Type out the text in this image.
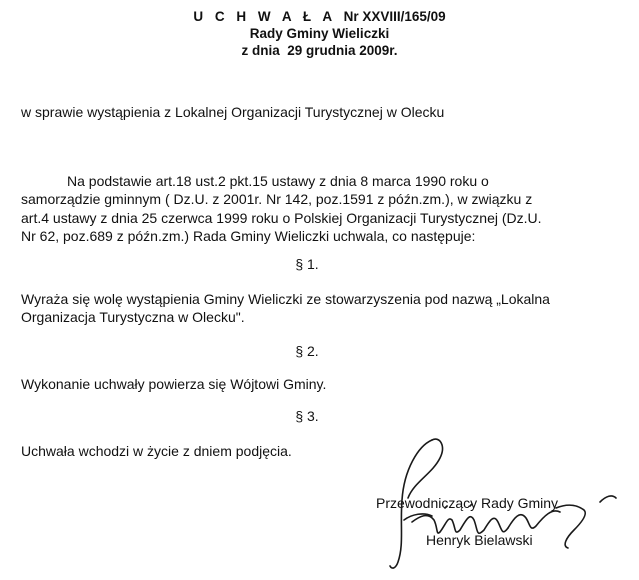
U C H W A Ł A Nr XXVIII/165/09
Rady Gminy Wieliczki
z dnia  29 grudnia 2009r.
w sprawie wystąpienia z Lokalnej Organizacji Turystycznej w Olecku
Na podstawie art.18 ust.2 pkt.15 ustawy z dnia 8 marca 1990 roku o
samorządzie gminnym ( Dz.U. z 2001r. Nr 142, poz.1591 z późn.zm.), w związku z
art.4 ustawy z dnia 25 czerwca 1999 roku o Polskiej Organizacji Turystycznej (Dz.U.
Nr 62, poz.689 z późn.zm.) Rada Gminy Wieliczki uchwala, co następuje:
§ 1.
Wyraża się wolę wystąpienia Gminy Wieliczki ze stowarzyszenia pod nazwą „Lokalna
Organizacja Turystyczna w Olecku".
§ 2.
Wykonanie uchwały powierza się Wójtowi Gminy.
§ 3.
Uchwała wchodzi w życie z dniem podjęcia.
Przewodniczący Rady Gminy
Henryk Bielawski
